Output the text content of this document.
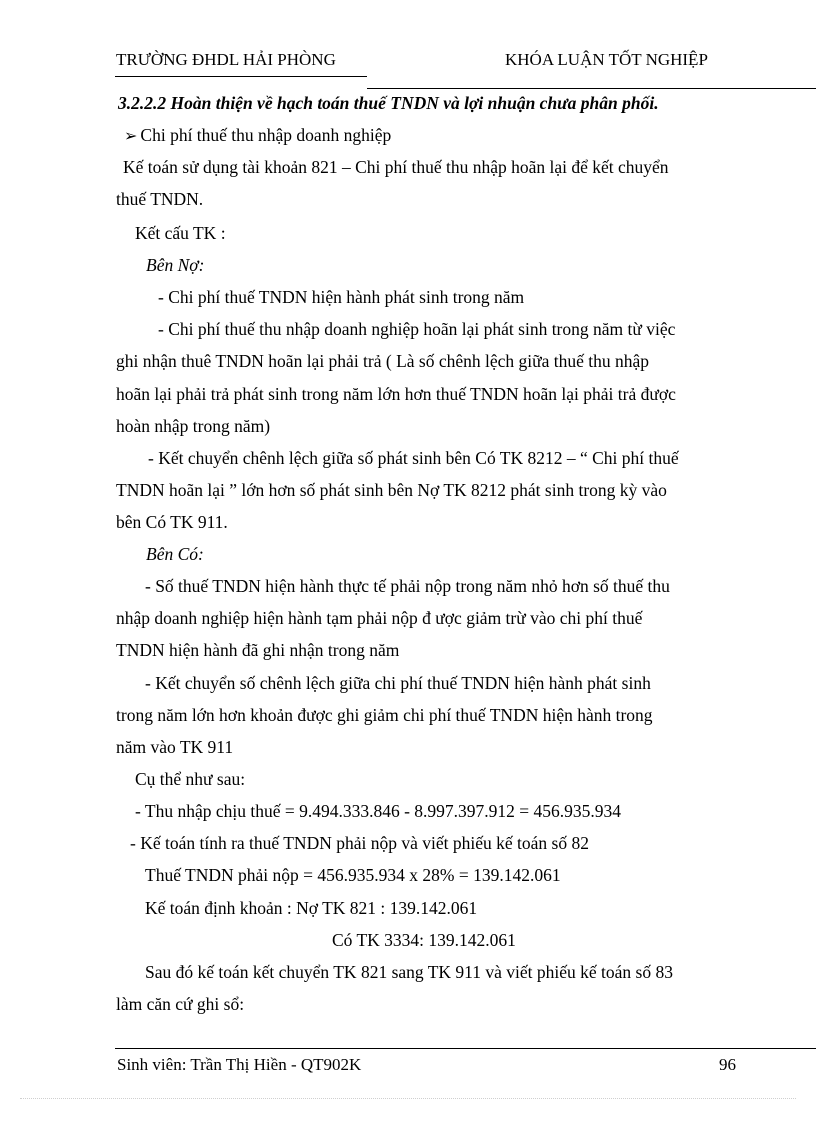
TRƯỜNG ĐHDL HẢI PHÒNG	KHÓA LUẬN TỐT NGHIỆP
3.2.2.2 Hoàn thiện về hạch toán thuế TNDN và lợi nhuận chưa phân phối.
➢ Chi phí thuế thu nhập doanh nghiệp
Kế toán sử dụng tài khoản 821 – Chi phí thuế thu nhập hoãn lại để kết chuyển
thuế TNDN.
Kết cấu TK :
Bên Nợ:
- Chi phí thuế TNDN hiện hành phát sinh trong năm
- Chi phí thuế thu nhập doanh nghiệp hoãn lại phát sinh trong năm từ việc
ghi nhận thuê TNDN hoãn lại phải trả ( Là số chênh lệch giữa thuế thu nhập
hoãn lại phải trả phát sinh trong năm lớn hơn thuế TNDN hoãn lại phải trả được
hoàn nhập trong năm)
- Kết chuyển chênh lệch giữa số phát sinh bên Có TK 8212 – “ Chi phí thuế
TNDN hoãn lại ” lớn hơn số phát sinh bên Nợ TK 8212 phát sinh trong kỳ vào
bên Có TK 911.
Bên Có:
- Số thuế TNDN hiện hành thực tế phải nộp trong năm nhỏ hơn số thuế thu
nhập doanh nghiệp hiện hành tạm phải nộp đ ược giảm trừ vào chi phí thuế
TNDN hiện hành đã ghi nhận trong năm
- Kết chuyển số chênh lệch giữa chi phí thuế TNDN hiện hành phát sinh
trong năm lớn hơn khoản được ghi giảm chi phí thuế TNDN hiện hành trong
năm vào TK 911
Cụ thể như sau:
- Thu nhập chịu thuế = 9.494.333.846 - 8.997.397.912 = 456.935.934
- Kế toán tính ra thuế TNDN phải nộp và viết phiếu kế toán số 82
Thuế TNDN phải nộp = 456.935.934 x 28% = 139.142.061
Kế toán định khoản : Nợ TK 821 : 139.142.061
Có TK 3334: 139.142.061
Sau đó kế toán kết chuyển TK 821 sang TK 911 và viết phiếu kế toán số 83
làm căn cứ ghi sổ:
Sinh viên: Trần Thị Hiền - QT902K	96
